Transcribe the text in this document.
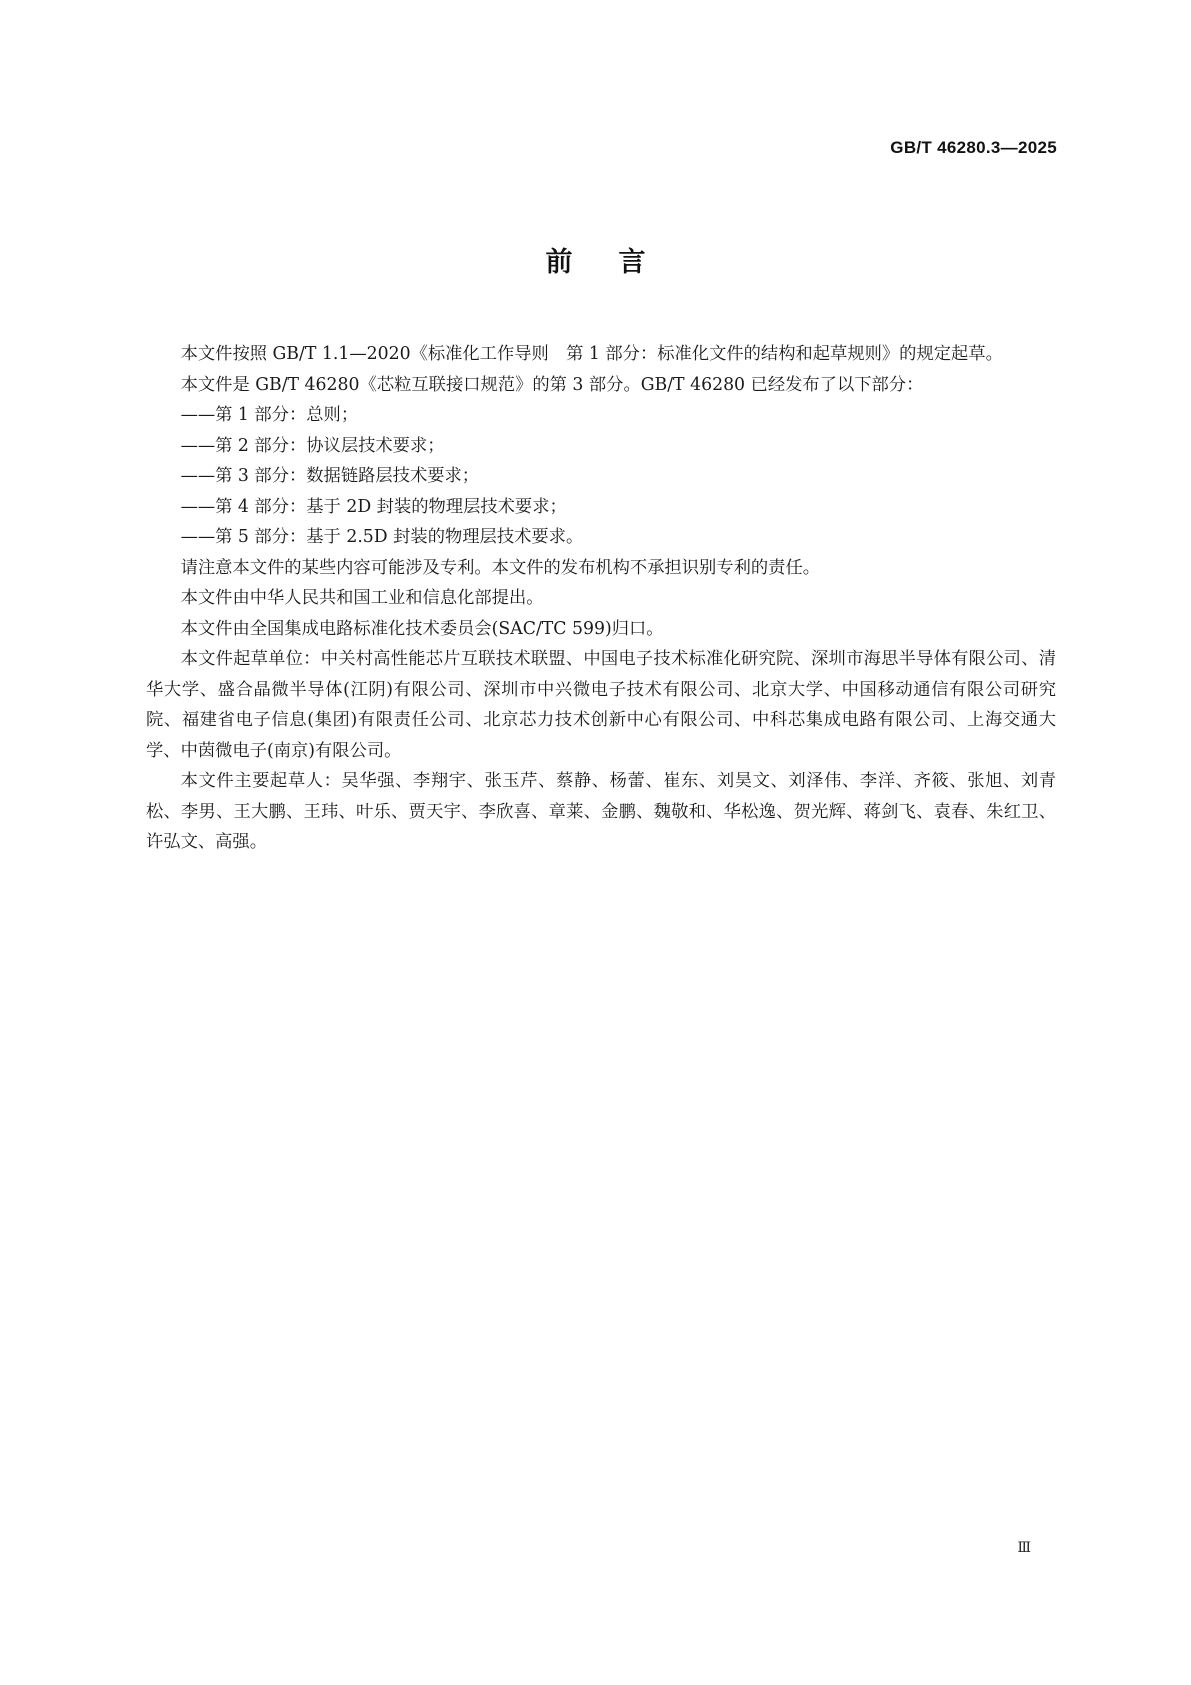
GB/T 46280.3—2025
前言

本文件按照 GB/T 1.1—2020《标准化工作导则　第 1 部分：标准化文件的结构和起草规则》的规定起草。

本文件是 GB/T 46280《芯粒互联接口规范》的第 3 部分。GB/T 46280 已经发布了以下部分：

——第 1 部分：总则；

——第 2 部分：协议层技术要求；

——第 3 部分：数据链路层技术要求；

——第 4 部分：基于 2D 封装的物理层技术要求；

——第 5 部分：基于 2.5D 封装的物理层技术要求。

请注意本文件的某些内容可能涉及专利。本文件的发布机构不承担识别专利的责任。

本文件由中华人民共和国工业和信息化部提出。

本文件由全国集成电路标准化技术委员会(SAC/TC 599)归口。

本文件起草单位：中关村高性能芯片互联技术联盟、中国电子技术标准化研究院、深圳市海思半导体有限公司、清华大学、盛合晶微半导体(江阴)有限公司、深圳市中兴微电子技术有限公司、北京大学、中国移动通信有限公司研究院、福建省电子信息(集团)有限责任公司、北京芯力技术创新中心有限公司、中科芯集成电路有限公司、上海交通大学、中茵微电子(南京)有限公司。

本文件主要起草人：吴华强、李翔宇、张玉芹、蔡静、杨蕾、崔东、刘昊文、刘泽伟、李洋、齐筱、张旭、刘青松、李男、王大鹏、王玮、叶乐、贾天宇、李欣喜、章莱、金鹏、魏敬和、华松逸、贺光辉、蒋剑飞、袁春、朱红卫、许弘文、高强。

Ⅲ
